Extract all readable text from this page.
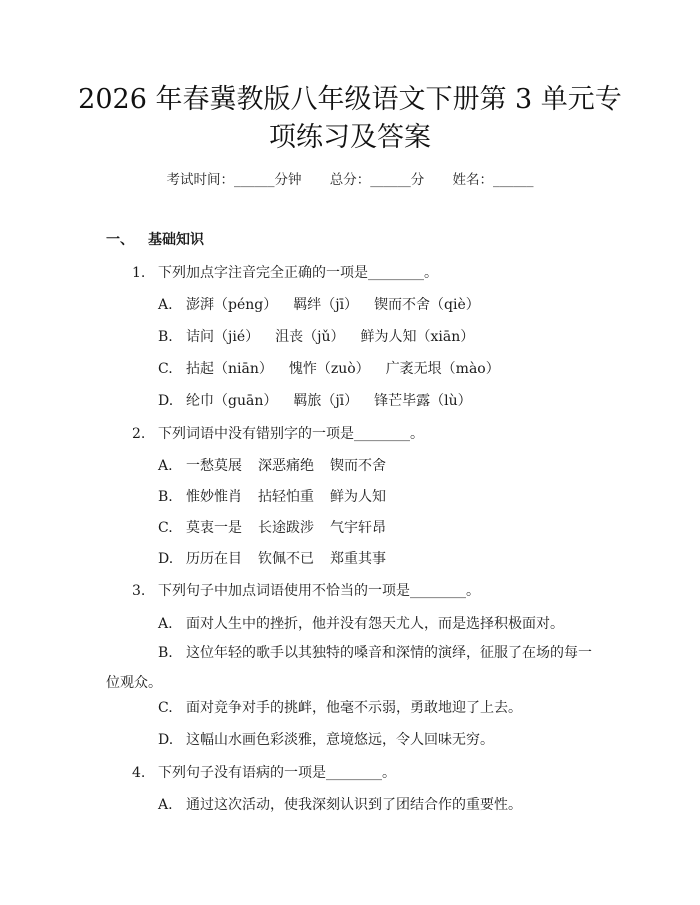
2026 年春冀教版八年级语文下册第 3 单元专
项练习及答案
考试时间：______分钟 总分：______分 姓名：______
一、 基础知识
1. 下列加点字注音完全正确的一项是________。
A. 澎湃（péng） 羁绊（jī） 锲而不舍（qiè）
B. 诘问（jié） 沮丧（jǔ） 鲜为人知（xiān）
C. 拈起（niān） 愧怍（zuò） 广袤无垠（mào）
D. 纶巾（guān） 羁旅（jī） 锋芒毕露（lù）
2. 下列词语中没有错别字的一项是________。
A. 一愁莫展 深恶痛绝 锲而不舍
B. 惟妙惟肖 拈轻怕重 鲜为人知
C. 莫衷一是 长途跋涉 气宇轩昂
D. 历历在目 钦佩不已 郑重其事
3. 下列句子中加点词语使用不恰当的一项是________。
A. 面对人生中的挫折，他并没有怨天尤人，而是选择积极面对。
B. 这位年轻的歌手以其独特的嗓音和深情的演绎，征服了在场的每一位观众。
C. 面对竞争对手的挑衅，他毫不示弱，勇敢地迎了上去。
D. 这幅山水画色彩淡雅，意境悠远，令人回味无穷。
4. 下列句子没有语病的一项是________。
A. 通过这次活动，使我深刻认识到了团结合作的重要性。
